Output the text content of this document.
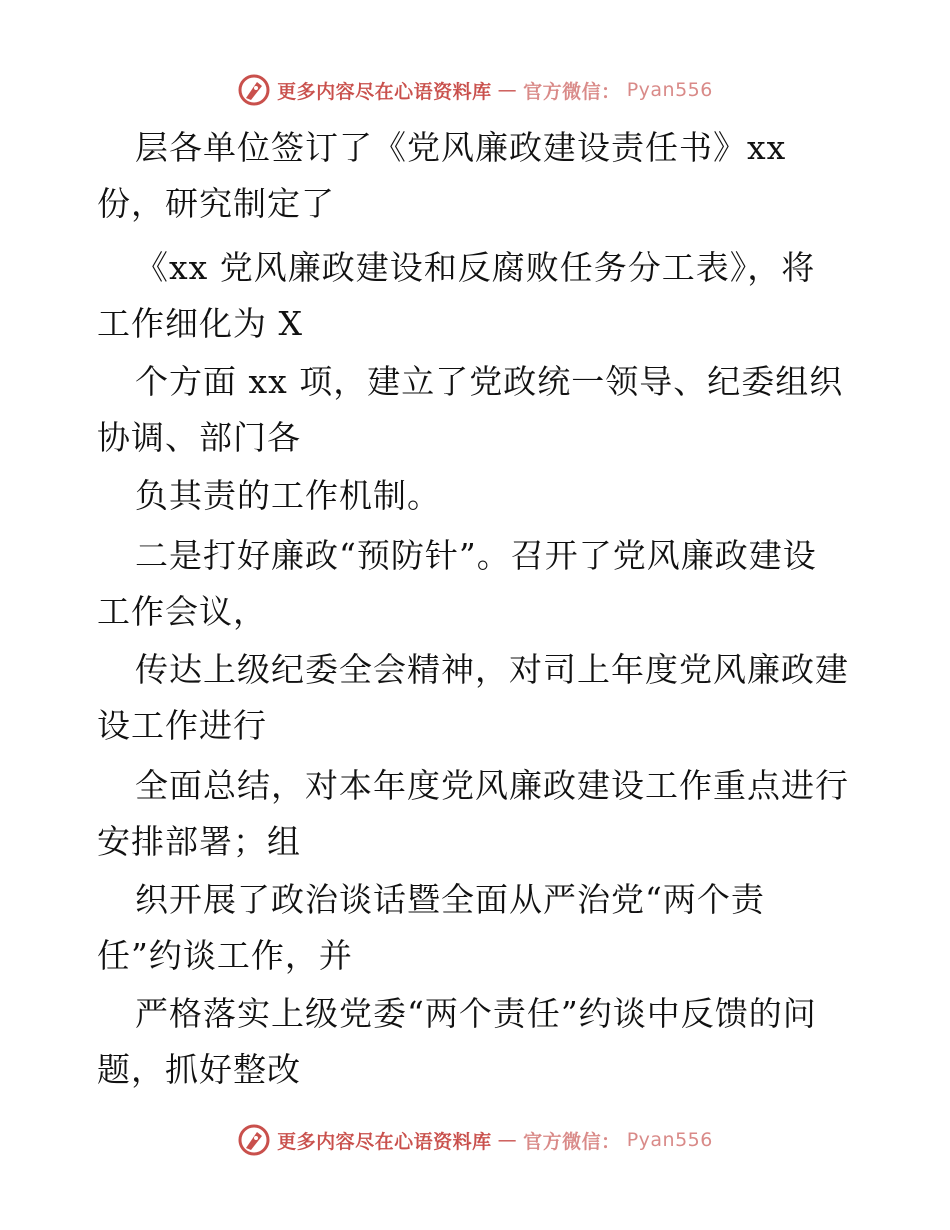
更多内容尽在心语资料库 — 官方微信： Pyan556
层各单位签订了《党风廉政建设责任书》xx
份，研究制定了
《xx 党风廉政建设和反腐败任务分工表》，将
工作细化为 X
个方面 xx 项，建立了党政统一领导、纪委组织
协调、部门各
负其责的工作机制。
二是打好廉政“预防针”。召开了党风廉政建设
工作会议，
传达上级纪委全会精神，对司上年度党风廉政建
设工作进行
全面总结，对本年度党风廉政建设工作重点进行
安排部署；组
织开展了政治谈话暨全面从严治党“两个责
任”约谈工作，并
严格落实上级党委“两个责任”约谈中反馈的问
题，抓好整改
更多内容尽在心语资料库 — 官方微信： Pyan556
